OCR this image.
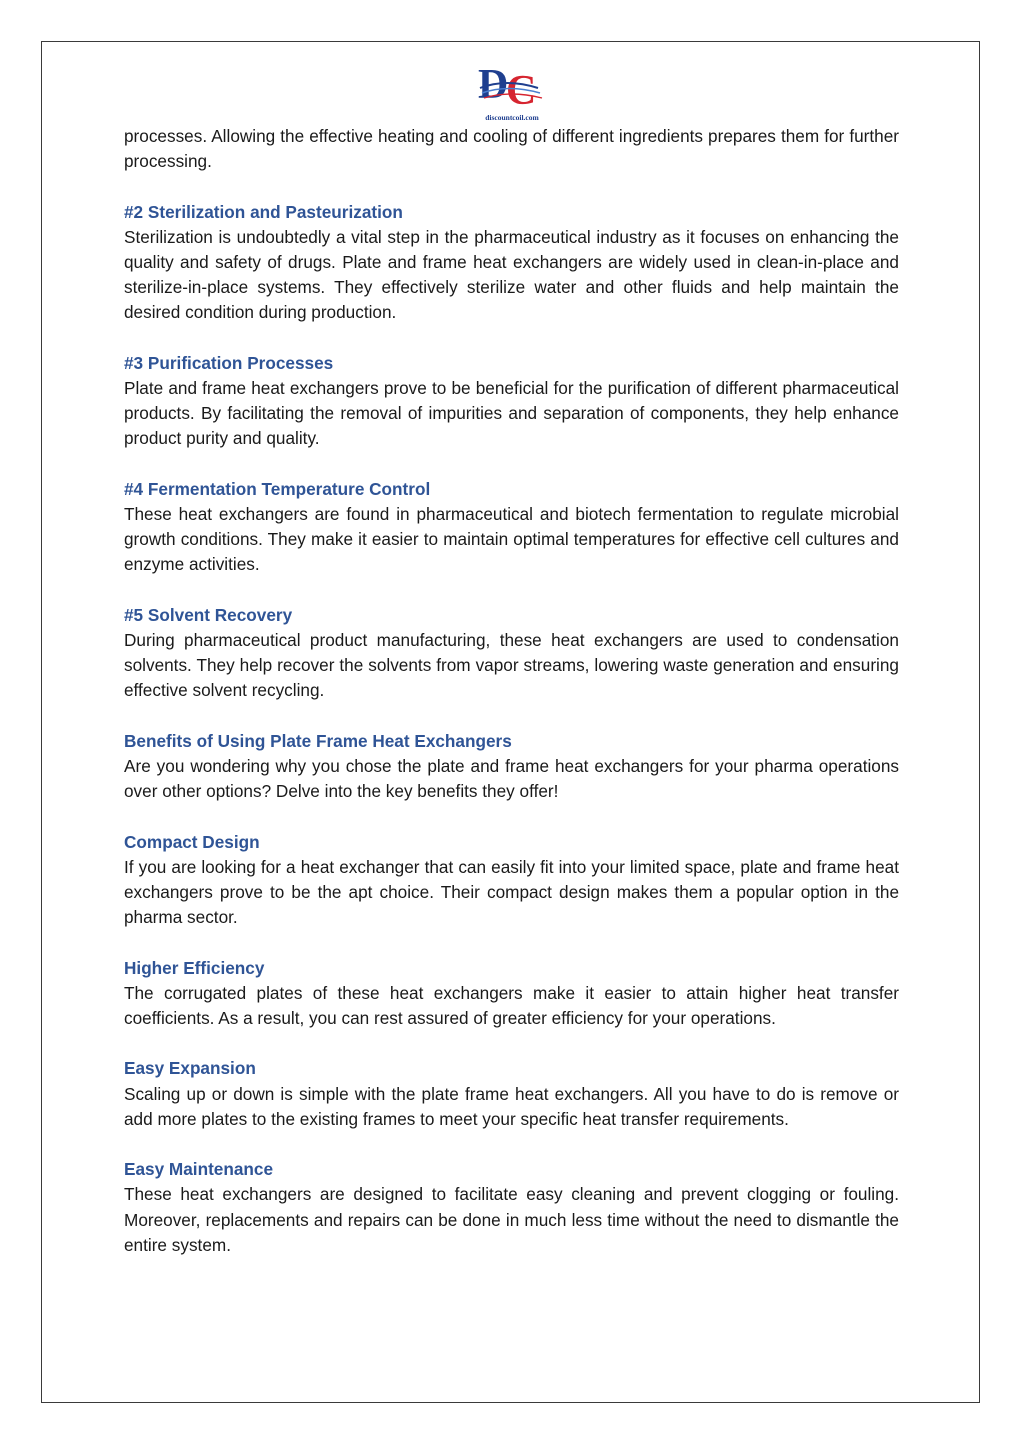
D
C
discountcoil.com

processes. Allowing the effective heating and cooling of different ingredients prepares them for further processing.

#2 Sterilization and Pasteurization

Sterilization is undoubtedly a vital step in the pharmaceutical industry as it focuses on enhancing the quality and safety of drugs. Plate and frame heat exchangers are widely used in clean-in-place and sterilize-in-place systems. They effectively sterilize water and other fluids and help maintain the desired condition during production.

#3 Purification Processes

Plate and frame heat exchangers prove to be beneficial for the purification of different pharmaceutical products. By facilitating the removal of impurities and separation of components, they help enhance product purity and quality.

#4 Fermentation Temperature Control

These heat exchangers are found in pharmaceutical and biotech fermentation to regulate microbial growth conditions. They make it easier to maintain optimal temperatures for effective cell cultures and enzyme activities.

#5 Solvent Recovery

During pharmaceutical product manufacturing, these heat exchangers are used to condensation solvents. They help recover the solvents from vapor streams, lowering waste generation and ensuring effective solvent recycling.

Benefits of Using Plate Frame Heat Exchangers

Are you wondering why you chose the plate and frame heat exchangers for your pharma operations over other options? Delve into the key benefits they offer!

Compact Design

If you are looking for a heat exchanger that can easily fit into your limited space, plate and frame heat exchangers prove to be the apt choice. Their compact design makes them a popular option in the pharma sector.

Higher Efficiency

The corrugated plates of these heat exchangers make it easier to attain higher heat transfer coefficients. As a result, you can rest assured of greater efficiency for your operations.

Easy Expansion

Scaling up or down is simple with the plate frame heat exchangers. All you have to do is remove or add more plates to the existing frames to meet your specific heat transfer requirements.

Easy Maintenance

These heat exchangers are designed to facilitate easy cleaning and prevent clogging or fouling. Moreover, replacements and repairs can be done in much less time without the need to dismantle the entire system.
